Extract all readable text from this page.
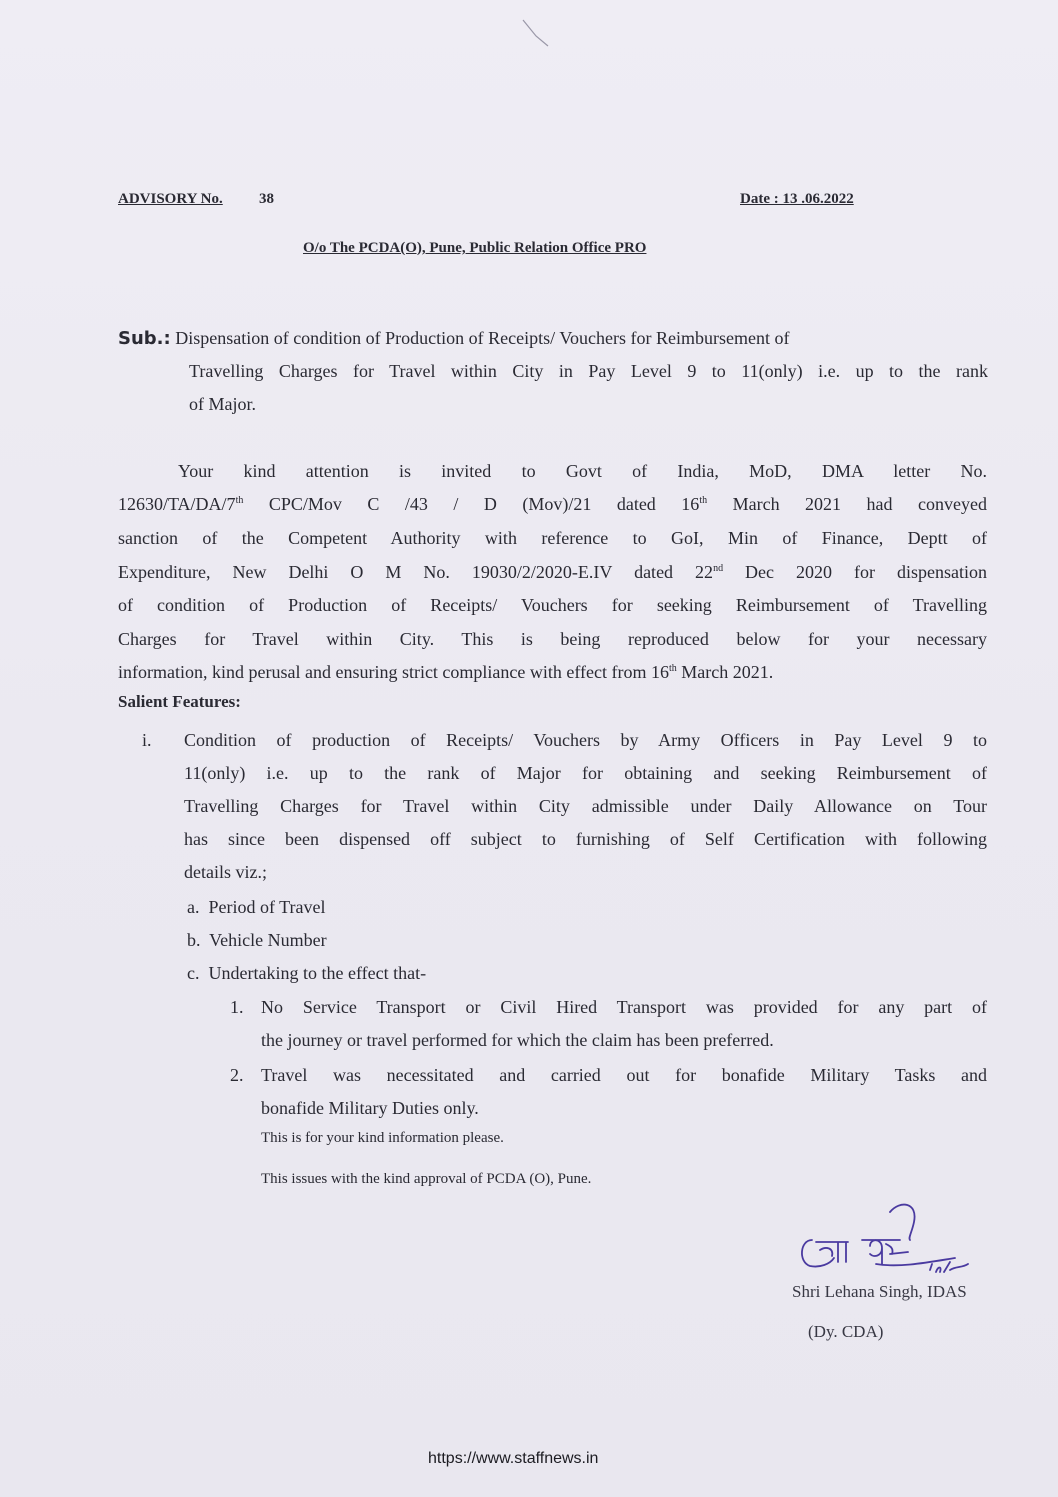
ADVISORY No. 38	Date : 13 .06.2022
O/o The PCDA(O), Pune, Public Relation Office PRO
Sub.: Dispensation of condition of Production of Receipts/ Vouchers for Reimbursement of
Travelling Charges for Travel within City in Pay Level 9 to 11(only) i.e. up to the rank
of Major.
Your kind attention is invited to Govt of India, MoD, DMA letter No.
12630/TA/DA/7th CPC/Mov C /43 / D (Mov)/21 dated 16th March 2021 had conveyed
sanction of the Competent Authority with reference to GoI, Min of Finance, Deptt of
Expenditure, New Delhi O M No. 19030/2/2020-E.IV dated 22nd Dec 2020 for dispensation
of condition of Production of Receipts/ Vouchers for seeking Reimbursement of Travelling
Charges for Travel within City. This is being reproduced below for your necessary
information, kind perusal and ensuring strict compliance with effect from 16th March 2021.
Salient Features:
i. Condition of production of Receipts/ Vouchers by Army Officers in Pay Level 9 to
11(only) i.e. up to the rank of Major for obtaining and seeking Reimbursement of
Travelling Charges for Travel within City admissible under Daily Allowance on Tour
has since been dispensed off subject to furnishing of Self Certification with following
details viz.;
a.  Period of Travel
b.  Vehicle Number
c.  Undertaking to the effect that-
1. No Service Transport or Civil Hired Transport was provided for any part of
the journey or travel performed for which the claim has been preferred.
2. Travel was necessitated and carried out for bonafide Military Tasks and
bonafide Military Duties only.
This is for your kind information please.
This issues with the kind approval of PCDA (O), Pune.
Shri Lehana Singh, IDAS
(Dy. CDA)
https://www.staffnews.in
